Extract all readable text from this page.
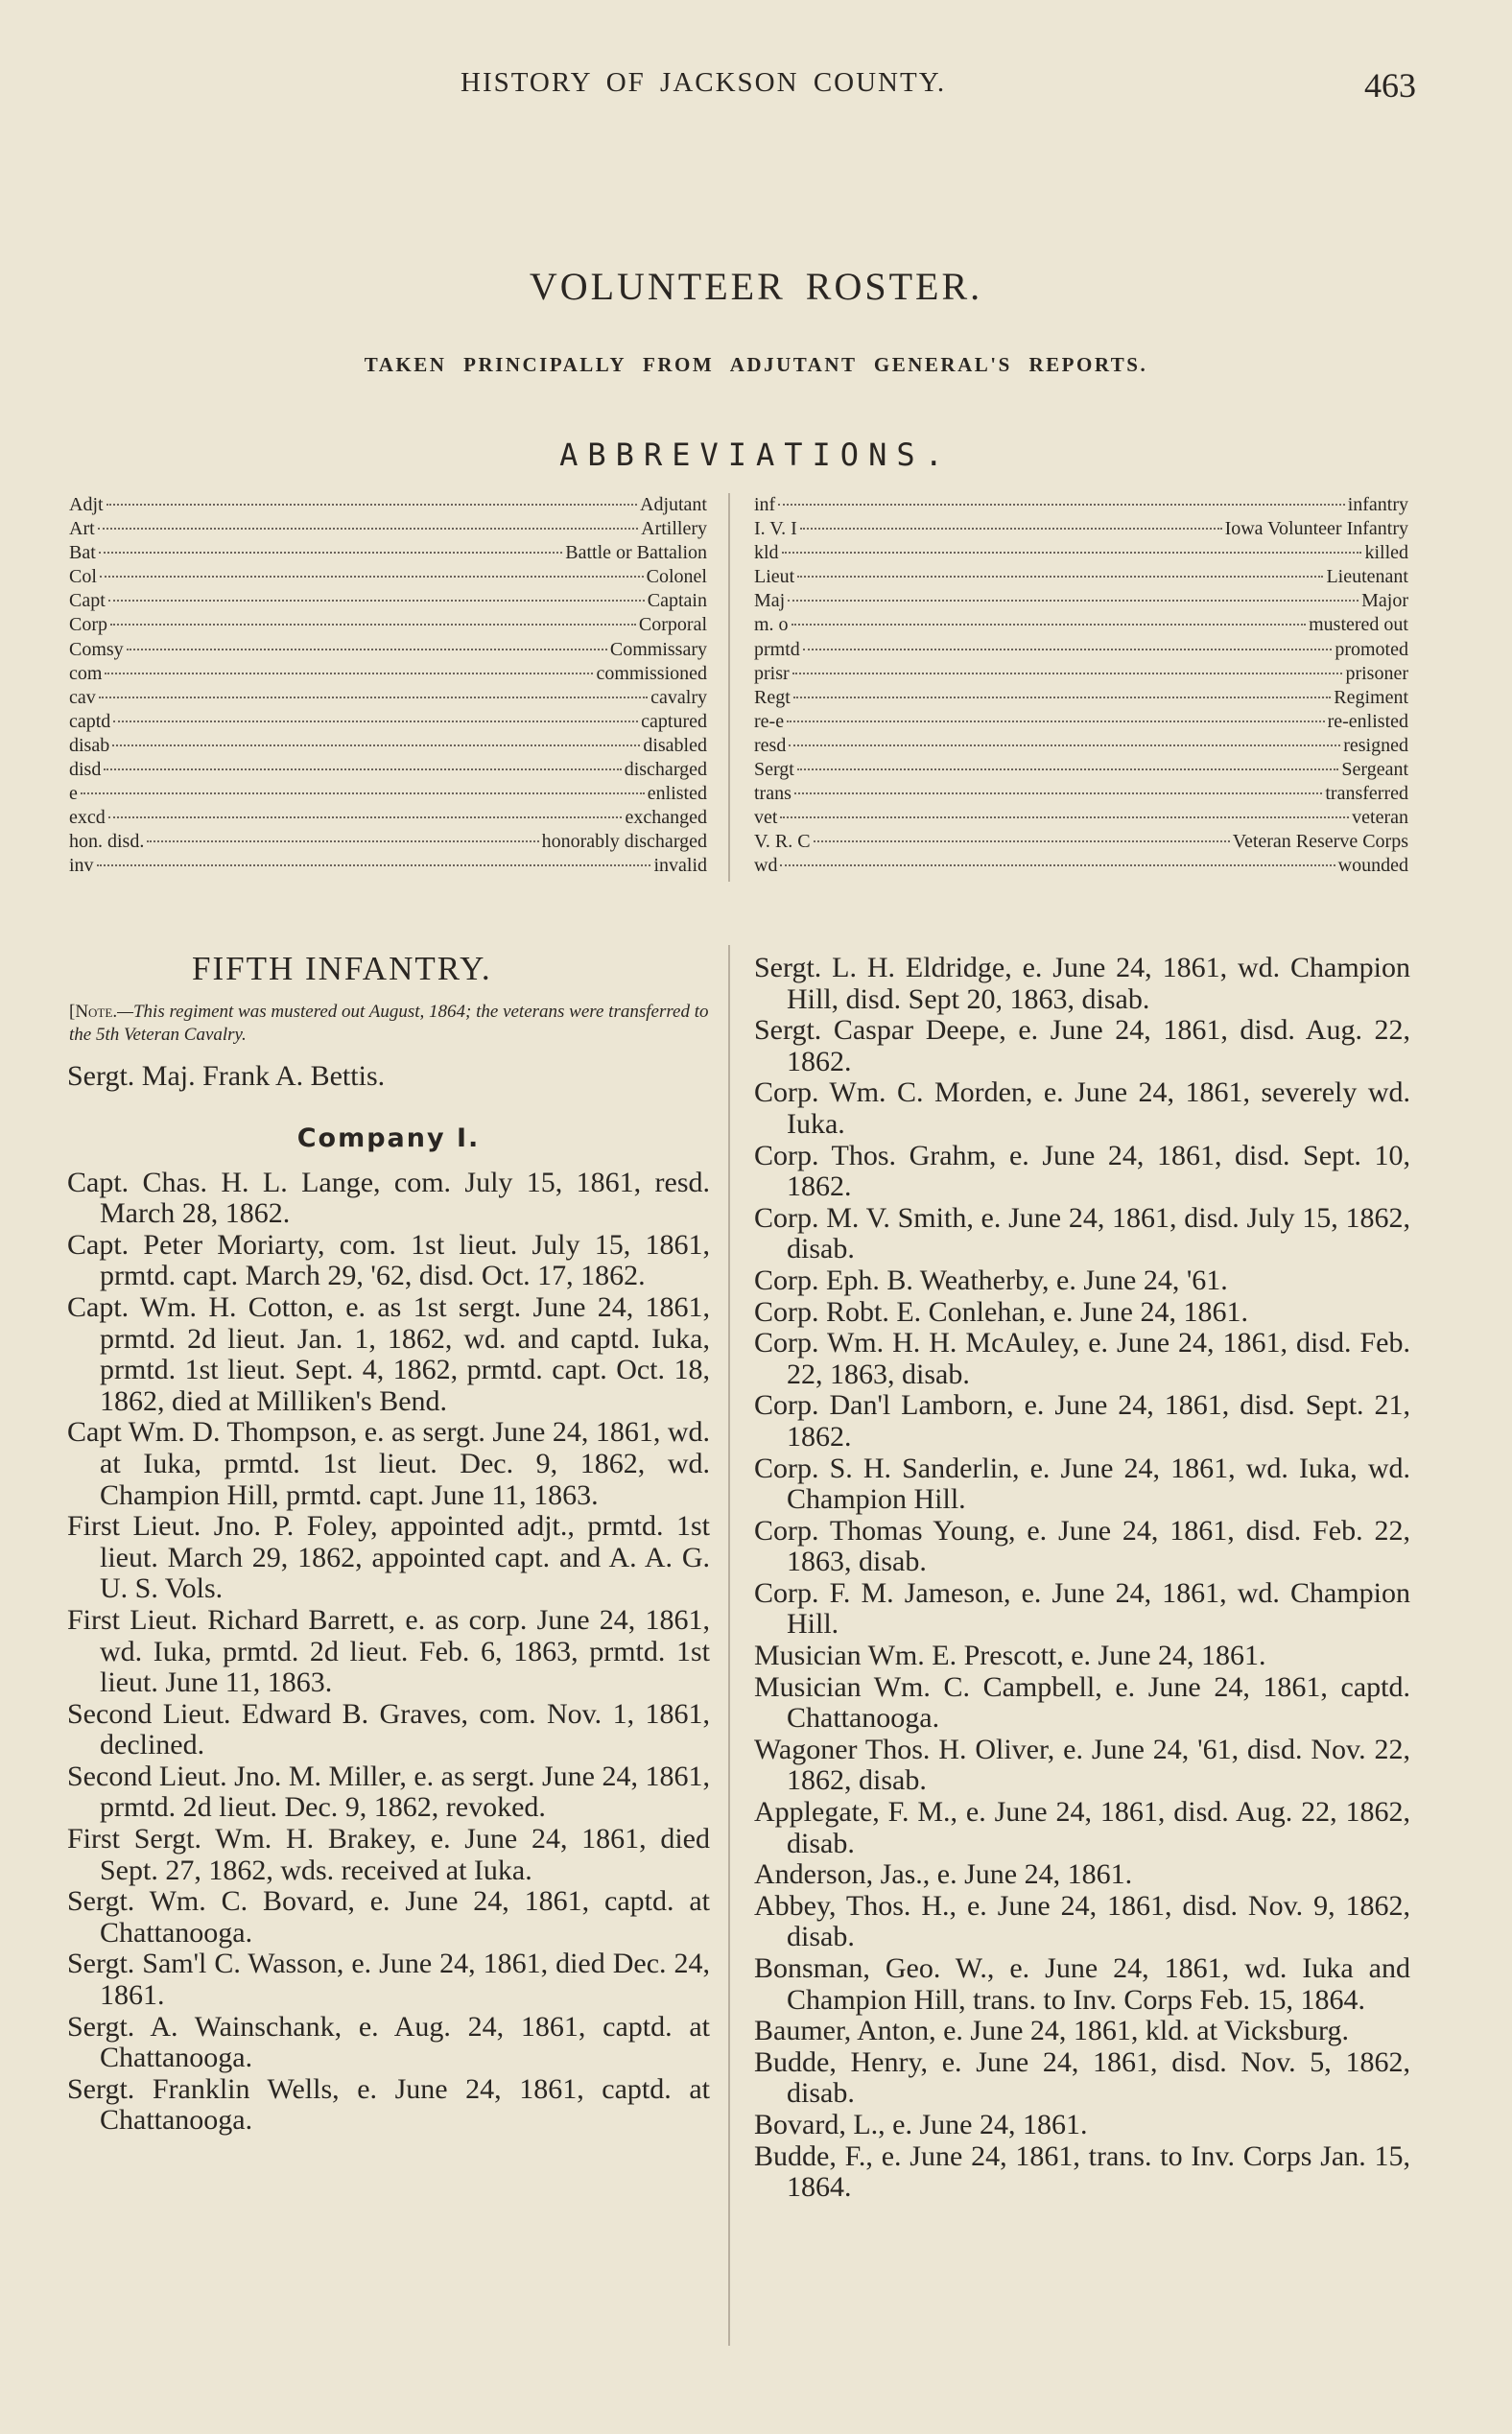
HISTORY OF JACKSON COUNTY.	463
VOLUNTEER ROSTER.
TAKEN PRINCIPALLY FROM ADJUTANT GENERAL'S REPORTS.
ABBREVIATIONS.
Adjt	Adjutant
Art	Artillery
Bat	Battle or Battalion
Col	Colonel
Capt	Captain
Corp	Corporal
Comsy	Commissary
com	commissioned
cav	cavalry
captd	captured
disab	disabled
disd	discharged
e	enlisted
excd	exchanged
hon. disd.	honorably discharged
inv	invalid
inf	infantry
I. V. I	Iowa Volunteer Infantry
kld	killed
Lieut	Lieutenant
Maj	Major
m. o	mustered out
prmtd	promoted
prisr	prisoner
Regt	Regiment
re-e	re-enlisted
resd	resigned
Sergt	Sergeant
trans	transferred
vet	veteran
V. R. C	Veteran Reserve Corps
wd	wounded
FIFTH INFANTRY.
[Note.—This regiment was mustered out August, 1864; the veterans were transferred to the 5th Veteran Cavalry.

Sergt. Maj. Frank A. Bettis.

Company I.

Capt. Chas. H. L. Lange, com. July 15, 1861, resd. March 28, 1862.

Capt. Peter Moriarty, com. 1st lieut. July 15, 1861, prmtd. capt. March 29, '62, disd. Oct. 17, 1862.

Capt. Wm. H. Cotton, e. as 1st sergt. June 24, 1861, prmtd. 2d lieut. Jan. 1, 1862, wd. and captd. Iuka, prmtd. 1st lieut. Sept. 4, 1862, prmtd. capt. Oct. 18, 1862, died at Milliken's Bend.

Capt Wm. D. Thompson, e. as sergt. June 24, 1861, wd. at Iuka, prmtd. 1st lieut. Dec. 9, 1862, wd. Champion Hill, prmtd. capt. June 11, 1863.

First Lieut. Jno. P. Foley, appointed adjt., prmtd. 1st lieut. March 29, 1862, appointed capt. and A. A. G. U. S. Vols.

First Lieut. Richard Barrett, e. as corp. June 24, 1861, wd. Iuka, prmtd. 2d lieut. Feb. 6, 1863, prmtd. 1st lieut. June 11, 1863.

Second Lieut. Edward B. Graves, com. Nov. 1, 1861, declined.

Second Lieut. Jno. M. Miller, e. as sergt. June 24, 1861, prmtd. 2d lieut. Dec. 9, 1862, revoked.

First Sergt. Wm. H. Brakey, e. June 24, 1861, died Sept. 27, 1862, wds. received at Iuka.

Sergt. Wm. C. Bovard, e. June 24, 1861, captd. at Chattanooga.

Sergt. Sam'l C. Wasson, e. June 24, 1861, died Dec. 24, 1861.

Sergt. A. Wainschank, e. Aug. 24, 1861, captd. at Chattanooga.

Sergt. Franklin Wells, e. June 24, 1861, captd. at Chattanooga.

Sergt. L. H. Eldridge, e. June 24, 1861, wd. Champion Hill, disd. Sept 20, 1863, disab.

Sergt. Caspar Deepe, e. June 24, 1861, disd. Aug. 22, 1862.

Corp. Wm. C. Morden, e. June 24, 1861, severely wd. Iuka.

Corp. Thos. Grahm, e. June 24, 1861, disd. Sept. 10, 1862.

Corp. M. V. Smith, e. June 24, 1861, disd. July 15, 1862, disab.

Corp. Eph. B. Weatherby, e. June 24, '61.

Corp. Robt. E. Conlehan, e. June 24, 1861.

Corp. Wm. H. H. McAuley, e. June 24, 1861, disd. Feb. 22, 1863, disab.

Corp. Dan'l Lamborn, e. June 24, 1861, disd. Sept. 21, 1862.

Corp. S. H. Sanderlin, e. June 24, 1861, wd. Iuka, wd. Champion Hill.

Corp. Thomas Young, e. June 24, 1861, disd. Feb. 22, 1863, disab.

Corp. F. M. Jameson, e. June 24, 1861, wd. Champion Hill.

Musician Wm. E. Prescott, e. June 24, 1861.

Musician Wm. C. Campbell, e. June 24, 1861, captd. Chattanooga.

Wagoner Thos. H. Oliver, e. June 24, '61, disd. Nov. 22, 1862, disab.

Applegate, F. M., e. June 24, 1861, disd. Aug. 22, 1862, disab.

Anderson, Jas., e. June 24, 1861.

Abbey, Thos. H., e. June 24, 1861, disd. Nov. 9, 1862, disab.

Bonsman, Geo. W., e. June 24, 1861, wd. Iuka and Champion Hill, trans. to Inv. Corps Feb. 15, 1864.

Baumer, Anton, e. June 24, 1861, kld. at Vicksburg.

Budde, Henry, e. June 24, 1861, disd. Nov. 5, 1862, disab.

Bovard, L., e. June 24, 1861.

Budde, F., e. June 24, 1861, trans. to Inv. Corps Jan. 15, 1864.
